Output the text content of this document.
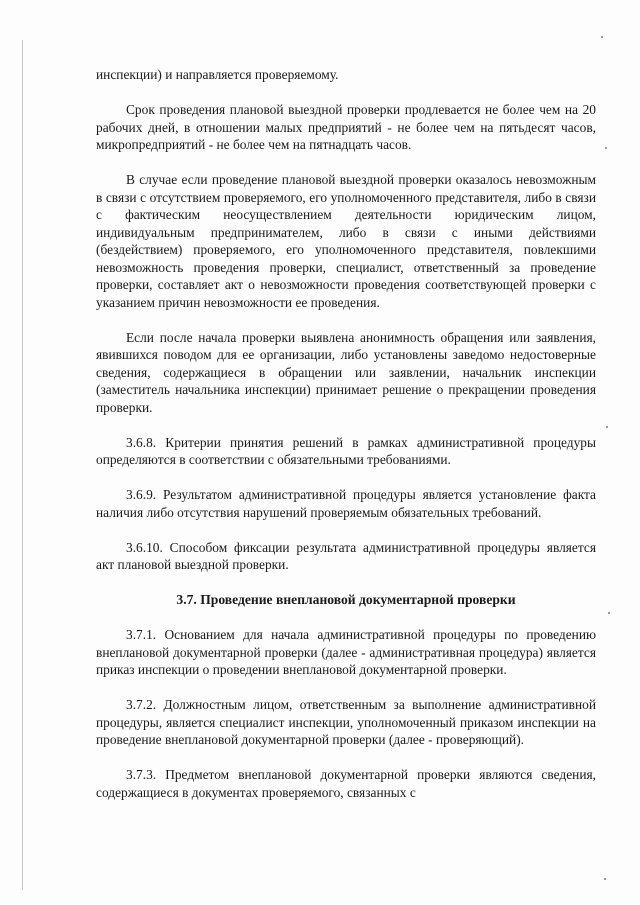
инспекции) и направляется проверяемому.

Срок проведения плановой выездной проверки продлевается не более чем на 20 рабочих дней, в отношении малых предприятий - не более чем на пятьдесят часов, микропредприятий - не более чем на пятнадцать часов.

В случае если проведение плановой выездной проверки оказалось невозможным в связи с отсутствием проверяемого, его уполномоченного представителя, либо в связи с фактическим неосуществлением деятельности юридическим лицом, индивидуальным предпринимателем, либо в связи с иными действиями (бездействием) проверяемого, его уполномоченного представителя, повлекшими невозможность проведения проверки, специалист, ответственный за проведение проверки, составляет акт о невозможности проведения соответствующей проверки с указанием причин невозможности ее проведения.

Если после начала проверки выявлена анонимность обращения или заявления, явившихся поводом для ее организации, либо установлены заведомо недостоверные сведения, содержащиеся в обращении или заявлении, начальник инспекции (заместитель начальника инспекции) принимает решение о прекращении проведения проверки.

3.6.8. Критерии принятия решений в рамках административной процедуры определяются в соответствии с обязательными требованиями.

3.6.9. Результатом административной процедуры является установление факта наличия либо отсутствия нарушений проверяемым обязательных требований.

3.6.10. Способом фиксации результата административной процедуры является акт плановой выездной проверки.

3.7. Проведение внеплановой документарной проверки

3.7.1. Основанием для начала административной процедуры по проведению внеплановой документарной проверки (далее - административная процедура) является приказ инспекции о проведении внеплановой документарной проверки.

3.7.2. Должностным лицом, ответственным за выполнение административной процедуры, является специалист инспекции, уполномоченный приказом инспекции на проведение внеплановой документарной проверки (далее - проверяющий).

3.7.3. Предметом внеплановой документарной проверки являются сведения, содержащиеся в документах проверяемого, связанных с
